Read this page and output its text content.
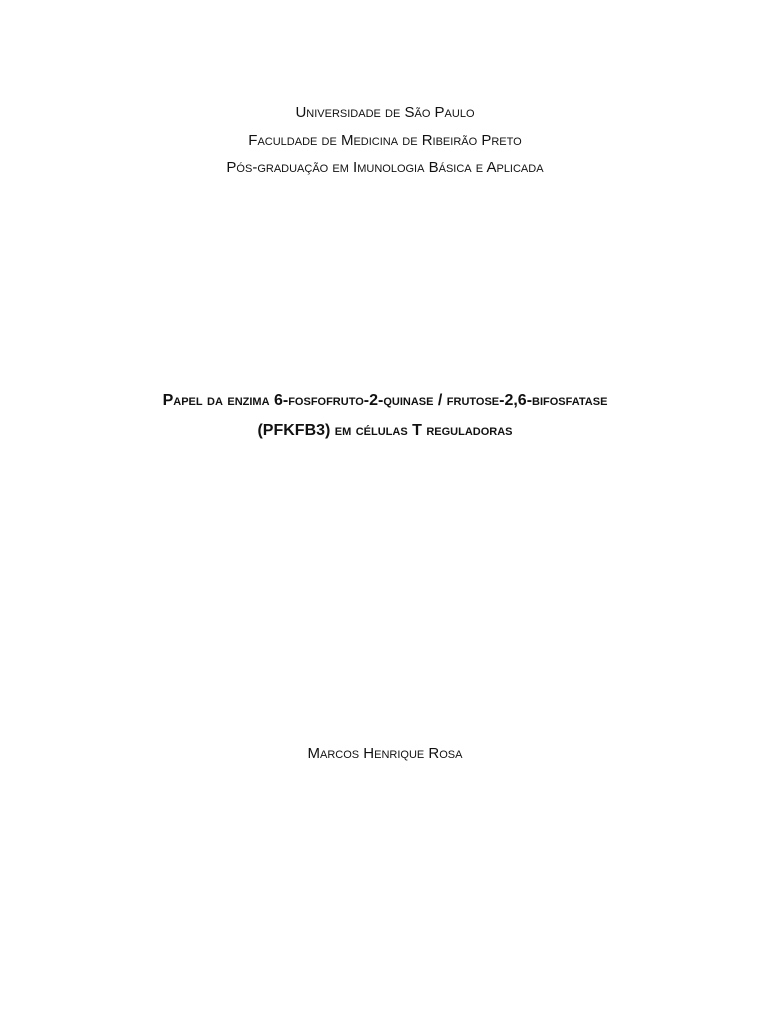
Universidade de São Paulo
Faculdade de Medicina de Ribeirão Preto
Pós-graduação em Imunologia Básica e Aplicada
Papel da enzima 6-fosfofruto-2-quinase / frutose-2,6-bifosfatase
(PFKFB3) em células T reguladoras
Marcos Henrique Rosa
